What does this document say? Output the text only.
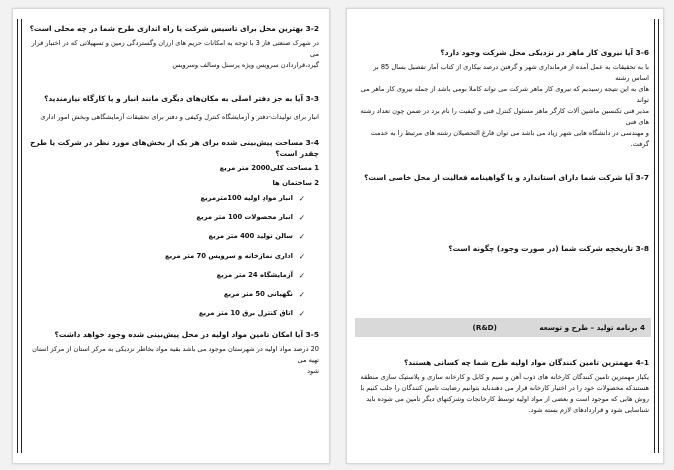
3-2 بهترین محل برای تاسیس شرکت یا راه اندازی طرح شما در چه محلی است؟

در شهرک صنعتی فاز 3 با توجه به امکانات حریم های ارزان وگستردگی زمین و تسهیلاتی که در اختیار قرار می

گیرد،قراردادن سرویس ویژه پرسنل وسالف وسرویس

3-3 آیا به جز دفتر اصلی به مکان‌های دیگری مانند انبار و یا کارگاه نیازمندید؟

انبار برای تولیدات-دفتر و آزمایشگاه کنترل وکیفی و دفتر برای تحقیقات آزمایشگاهی وبخش امور اداری

3-4 مساحت پیش‌بینی شده برای هر یک از بخش‌های مورد نظر در شرکت یا طرح چقدر است؟

1 مساحت کلی2000 متر مربع

2 ساختمان ها

✓
انبار موادِ اولیه 100مترمربع
✓
انبار محصولات 100 متر مربع
✓
سالن تولید 400 متر مربع
✓
اداری نمازخانه و سرویس 70 متر مربع
✓
آزمایشگاه 24 متر مربع
✓
نگهبانی 50 متر مربع
✓
اتاق کنترل برق 10 متر مربع

3-5 آیا امکان تامین مواد اولیه در محل پیش‌بینی شده وجود خواهد داشت؟

20 درصد مواد اولیه در شهرستان موجود می باشد بقیه مواد بخاطر نزدیکی به مرکز استان از مرکز استان تهیه می

شود

3-6 آیا نیروی کار ماهر در نزدیکی محل شرکت وجود دارد؟

با به تحقیقات به عمل آمده از فرمانداری شهر و گرفتن درصد بیکاری از کتاب آمار تفصیل بسال 85 بر اساس رشته

های به این نتیجه رسیدیم که نیروی کار ماهر شرکت می تواند کاملا بومی باشد از جمله نیروی کار ماهر می تواند

مدیر فنی تکنسین ماشین آلات کارگر ماهر مسئول کنترل فنی و کیفیت را نام برد در ضمن چون تعداد رشته های فنی

و مهندسی در دانشگاه هایی شهر زیاد می باشد می توان فارغ التحصیلان رشته های مرتبط را به خدمت گرفت.

3-7 آیا شرکت شما دارای استاندارد و یا گواهینامه فعالیت از محل خاصی است؟

3-8 تاریخچه شرکت شما (در صورت وجود) چگونه است؟

4 برنامه تولید – طرح و توسعه (R&D)

4-1 مهمترین تامین کنندگان مواد اولیه طرح شما چه کسانی هستند؟

یکیاز مهمترین تامین کنندگان کارخانه های ذوب آهن و سیم و کابل و کارخانه سازی و پلاستیک سازی منطقه

هستندکه محصولات خود را در اختیار کارخانه قرار می دهندباید بتوانیم رضایت تامین کنندگان را جلب کنیم با

روش هایی که موجود است و بعضی از مواد اولیه توسط کارخانجات وشرکتهای دیگر تامین می شوده باید

شناسایی شود و قراردادهای لازم بسته شود.
